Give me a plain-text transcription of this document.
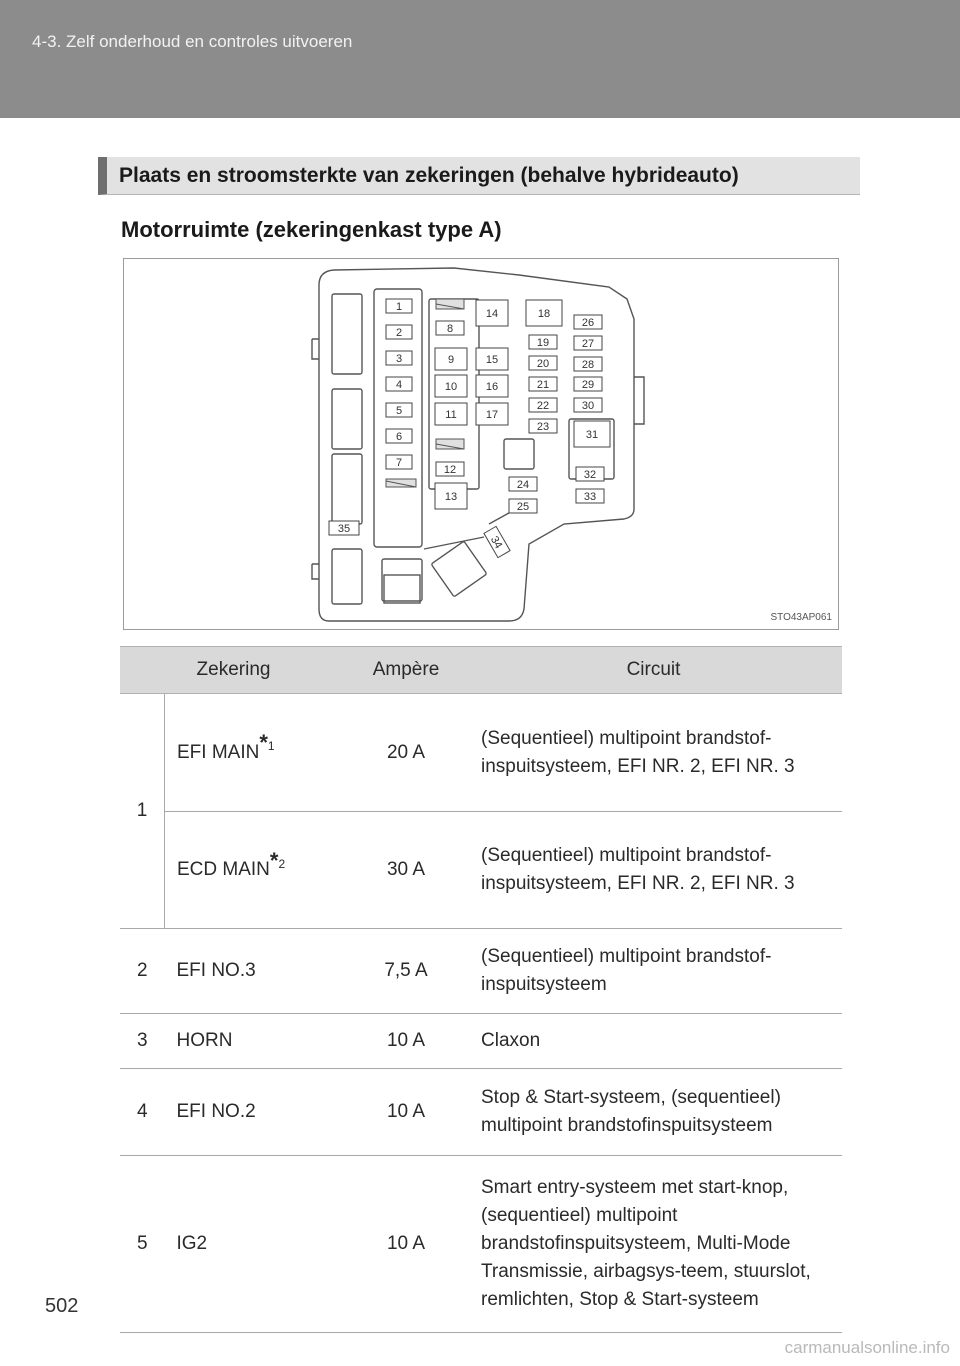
4-3. Zelf onderhoud en controles uitvoeren
Plaats en stroomsterkte van zekeringen (behalve hybrideauto)
Motorruimte (zekeringenkast type A)
1
2
3
4
5
6
7
8
9
10
11
15
16
17
12
13
14	18
19
20
21
22
23
24
25
26
27
28
29
30
31
32
33
34
35
STO43AP061
Zekering		Ampère	Circuit
1	EFI MAIN$^{*1}$	20 A	(Sequentieel) multipoint brandstof-inspuitsysteem, EFI NR. 2, EFI NR. 3
	ECD MAIN$^{*2}$	30 A	(Sequentieel) multipoint brandstof-inspuitsysteem, EFI NR. 2, EFI NR. 3
2	EFI NO.3	7,5 A	(Sequentieel) multipoint brandstof-inspuitsysteem
3	HORN	10 A	Claxon
4	EFI NO.2	10 A	Stop & Start-systeem, (sequentieel) multipoint brandstofinspuitsysteem
5	IG2	10 A	Smart entry-systeem met start-knop, (sequentieel) multipoint brandstofinspuitsysteem, Multi-Mode Transmissie, airbagsys-teem, stuurslot, remlichten, Stop & Start-systeem
502
carmanualsonline.info
